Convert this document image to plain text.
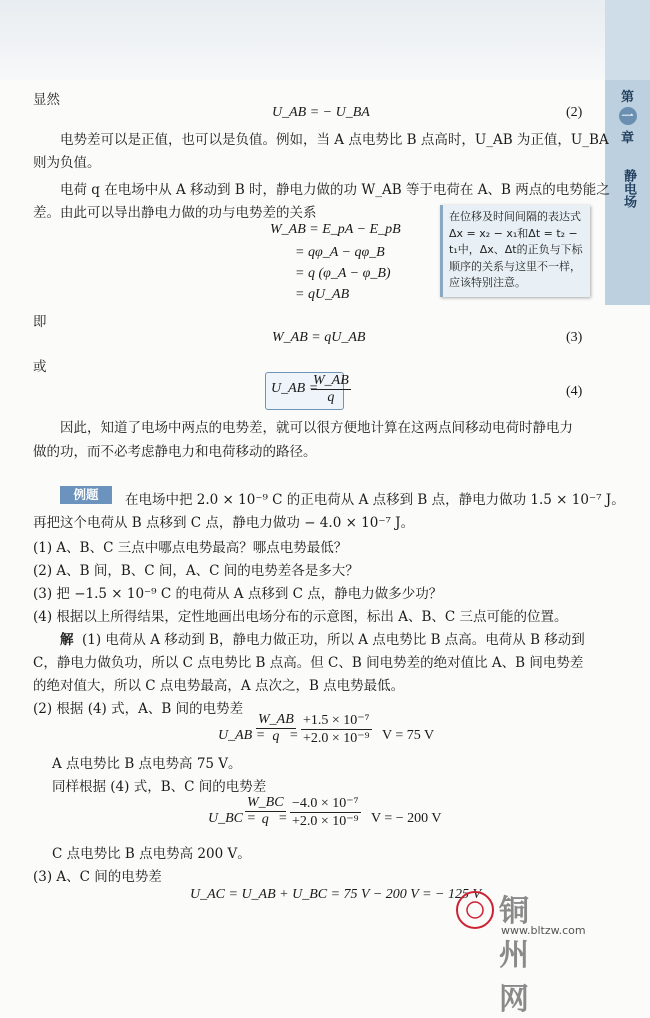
第
一
章
静电场
显然
U_AB = − U_BA	(2)
电势差可以是正值，也可以是负值。例如，当 A 点电势比 B 点高时，U_AB 为正值，U_BA
则为负值。
电荷 q 在电场中从 A 移动到 B 时，静电力做的功 W_AB 等于电荷在 A、B 两点的电势能之
差。由此可以导出静电力做的功与电势差的关系
W_AB = E_pA − E_pB
= qφ_A − qφ_B
= q (φ_A − φ_B)
= qU_AB
在位移及时间间隔的表达式Δx = x₂ − x₁和Δt = t₂ − t₁中，Δx、Δt的正负与下标顺序的关系与这里不一样，应该特别注意。
即
W_AB = qU_AB	(3)
或
U_AB =
$\frac{W\_AB}{q}$	(4)
因此，知道了电场中两点的电势差，就可以很方便地计算在这两点间移动电荷时静电力
做的功，而不必考虑静电力和电荷移动的路径。
例题	在电场中把 2.0 × 10⁻⁹ C 的正电荷从 A 点移到 B 点，静电力做功 1.5 × 10⁻⁷ J。
再把这个电荷从 B 点移到 C 点，静电力做功 − 4.0 × 10⁻⁷ J。
(1) A、B、C 三点中哪点电势最高？哪点电势最低？
(2) A、B 间，B、C 间，A、C 间的电势差各是多大？
(3) 把 −1.5 × 10⁻⁹ C 的电荷从 A 点移到 C 点，静电力做多少功？
(4) 根据以上所得结果，定性地画出电场分布的示意图，标出 A、B、C 三点可能的位置。
解 (1) 电荷从 A 移动到 B，静电力做正功，所以 A 点电势比 B 点高。电荷从 B 移动到
C，静电力做负功，所以 C 点电势比 B 点高。但 C、B 间电势差的绝对值比 A、B 间电势差
的绝对值大，所以 C 点电势最高，A 点次之，B 点电势最低。
(2) 根据 (4) 式，A、B 间的电势差
U_AB =
$\frac{W\_AB}{q}$
= $\frac{\text{+1.5 × 10⁻⁷}}{\text{+2.0 × 10⁻⁹}}$ V = 75 V
A 点电势比 B 点电势高 75 V。
同样根据 (4) 式，B、C 间的电势差
U_BC =
$\frac{W\_BC}{q}$
= $\frac{\text{−4.0 × 10⁻⁷}}{\text{+2.0 × 10⁻⁹}}$ V = − 200 V
C 点电势比 B 点电势高 200 V。
(3) A、C 间的电势差
U_AC = U_AB + U_BC = 75 V − 200 V = − 125 V 铜州网
www.bltzw.com
